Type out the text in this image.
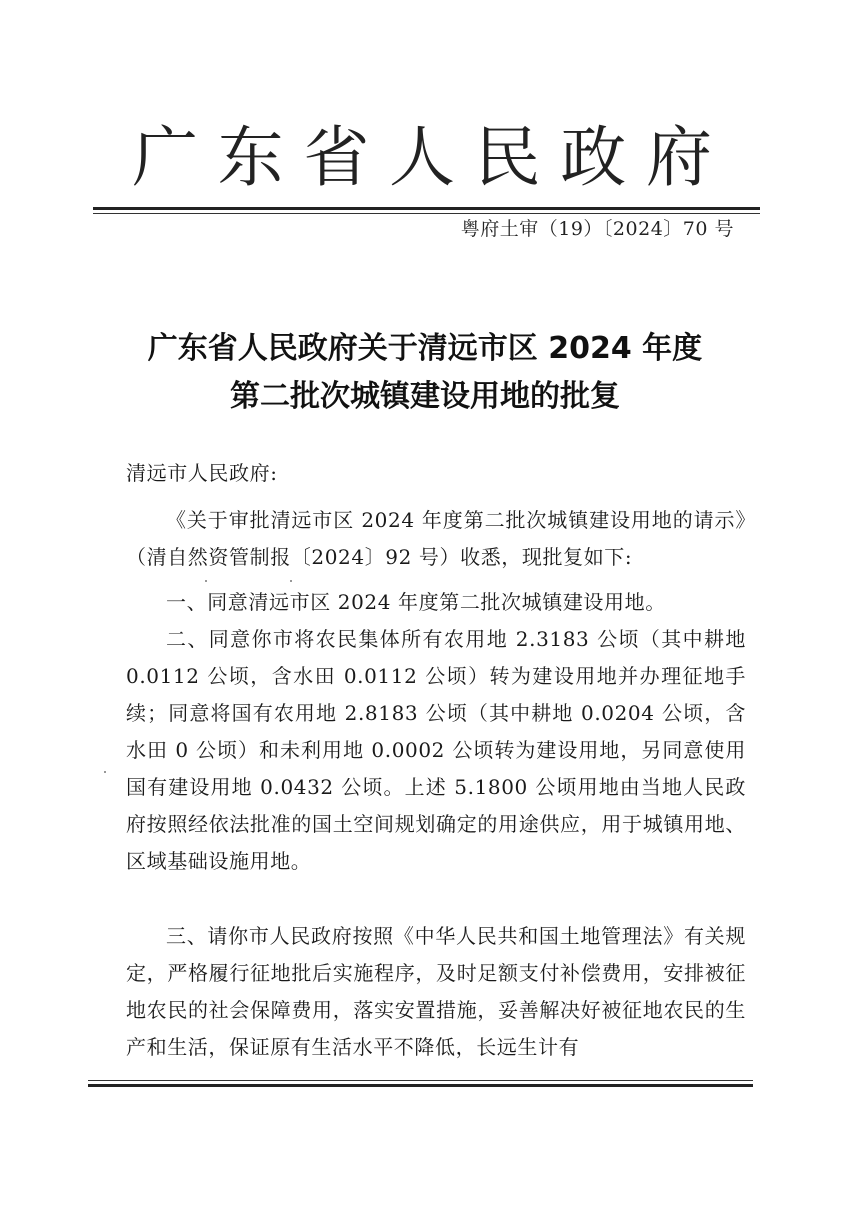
广 东 省 人 民 政 府
粤府土审（19）〔2024〕70 号
广东省人民政府关于清远市区 2024 年度
第二批次城镇建设用地的批复
清远市人民政府:

《关于审批清远市区 2024 年度第二批次城镇建设用地的请示》（清自然资管制报〔2024〕92 号）收悉，现批复如下:

一、同意清远市区 2024 年度第二批次城镇建设用地。

二、同意你市将农民集体所有农用地 2.3183 公顷（其中耕地 0.0112 公顷，含水田 0.0112 公顷）转为建设用地并办理征地手续；同意将国有农用地 2.8183 公顷（其中耕地 0.0204 公顷，含水田 0 公顷）和未利用地 0.0002 公顷转为建设用地，另同意使用国有建设用地 0.0432 公顷。上述 5.1800 公顷用地由当地人民政府按照经依法批准的国土空间规划确定的用途供应，用于城镇用地、区域基础设施用地。

三、请你市人民政府按照《中华人民共和国土地管理法》有关规定，严格履行征地批后实施程序，及时足额支付补偿费用，安排被征地农民的社会保障费用，落实安置措施，妥善解决好被征地农民的生产和生活，保证原有生活水平不降低，长远生计有
